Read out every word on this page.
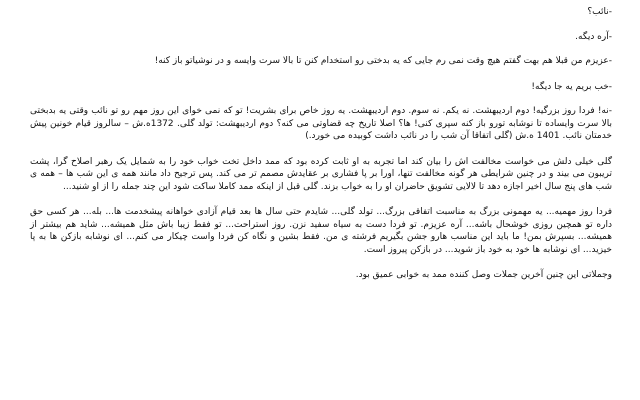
-نائب؟

-آره دیگه.

-عزیزم من قبلا هم بهت گفتم هیچ وقت نمی رم جایی که یه بدختی رو استخدام کنن تا بالا سرت وایسه و در نوشیاتو باز کنه!

-خب بریم یه جا دیگه!

-نه! فردا روز بزرگیه! دوم اردیبهشت. نه یکم. نه سوم. دوم اردیبهشت. یه روز خاص برای بشریت! تو که نمی خوای این روز مهم رو تو نائب وقتی یه بدبختی بالا سرت وایساده تا نوشابه تورو باز کنه سپری کنی! ها؟ اصلا تاریخ چه قضاوتی می کنه؟ دوم اردیبهشت: تولد گلی. 1372ه.ش – سالروز قیام خونین پیش خدمتان نائب. 1401 ه.ش (گلی اتفاقا آن شب را در نائب داشت کوبیده می خورد.)

گلی خیلی دلش می خواست مخالفت اش را بیان کند اما تجربه به او ثابت کرده بود که ممد داخل تخت خواب خود را به شمایل یک رهبر اصلاح گرا، پشت تریبون می بیند و در چنین شرایطی هر گونه مخالفت تنها، اورا بر پا فشاری بر عقایدش مصمم تر می کند. پس ترجیح داد مانند همه ی این شب ها – همه ی شب های پنج سال اخیر اجازه دهد تا لالایی تشویق حاضران او را به خواب بزند. گلی قبل از اینکه ممد کاملا ساکت شود این چند جمله را از او شنید...

فردا روز مهمیه... یه مهمونی بزرگ به مناسبت اتفاقی بزرگ... تولد گلی... شایدم حتی سال ها بعد قیام آزادی خواهانه پیشخدمت ها... بله... هر کسی حق داره تو همچین روزی خوشحال باشه... آره عزیزم. تو فردا دست به سیاه سفید نزن. روز استراحت... تو فقط زیبا باش مثل همیشه... شاید هم بیشتر از همیشه... بسپرش بمن! ما باید این مناسب هارو جشن بگیریم فرشته ی من. فقط بشین و نگاه کن فردا واست چیکار می کنم... ای نوشابه بازکن ها به پا خیزید... ای نوشابه ها خود به خود باز شوید... در بازکن پیروز است.

وجملاتی این چنین آخرین جملات وصل کننده ممد به خوابی عمیق بود.
